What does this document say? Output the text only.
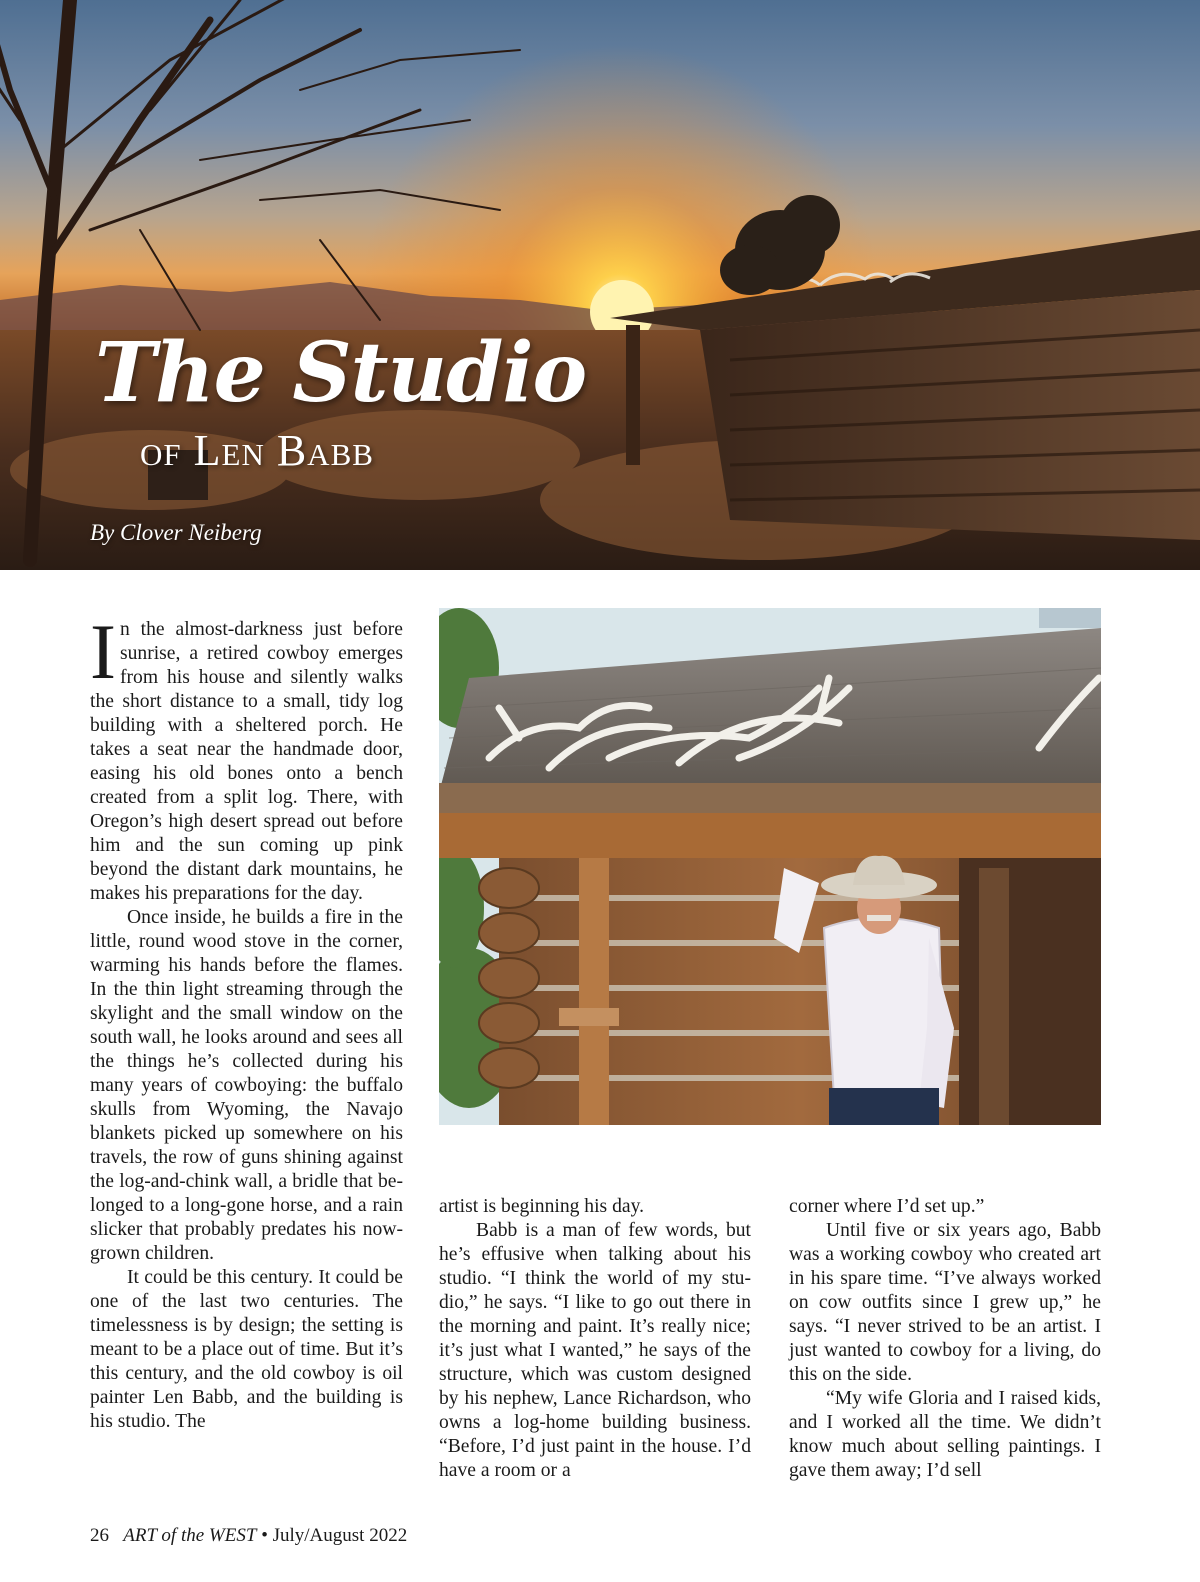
The Studio
of Len Babb
By Clover Neiberg

In the almost-darkness just before sunrise, a retired cowboy emerges from his house and silently walks the short distance to a small, tidy log building with a sheltered porch. He takes a seat near the handmade door, easing his old bones onto a bench created from a split log. There, with Oregon’s high desert spread out before him and the sun coming up pink beyond the distant dark mountains, he makes his preparations for the day.

Once inside, he builds a fire in the little, round wood stove in the corner, warming his hands before the flames. In the thin light streaming through the skylight and the small window on the south wall, he looks around and sees all the things he’s collected during his many years of cowboying: the buffalo skulls from Wyoming, the Navajo blankets picked up somewhere on his travels, the row of guns shining against the log-and-chink wall, a bridle that belonged to a long-gone horse, and a rain slicker that probably predates his now-grown children.

It could be this century. It could be one of the last two centuries. The timelessness is by design; the setting is meant to be a place out of time. But it’s this century, and the old cowboy is oil painter Len Babb, and the building is his studio. The

artist is beginning his day.

Babb is a man of few words, but he’s effusive when talking about his studio. “I think the world of my studio,” he says. “I like to go out there in the morning and paint. It’s really nice; it’s just what I wanted,” he says of the structure, which was custom designed by his nephew, Lance Richardson, who owns a log-home building business. “Before, I’d just paint in the house. I’d have a room or a

corner where I’d set up.”

Until five or six years ago, Babb was a working cowboy who created art in his spare time. “I’ve always worked on cow outfits since I grew up,” he says. “I never strived to be an artist. I just wanted to cowboy for a living, do this on the side.

“My wife Gloria and I raised kids, and I worked all the time. We didn’t know much about selling paintings. I gave them away; I’d sell

26 ART of the WEST • July/August 2022
